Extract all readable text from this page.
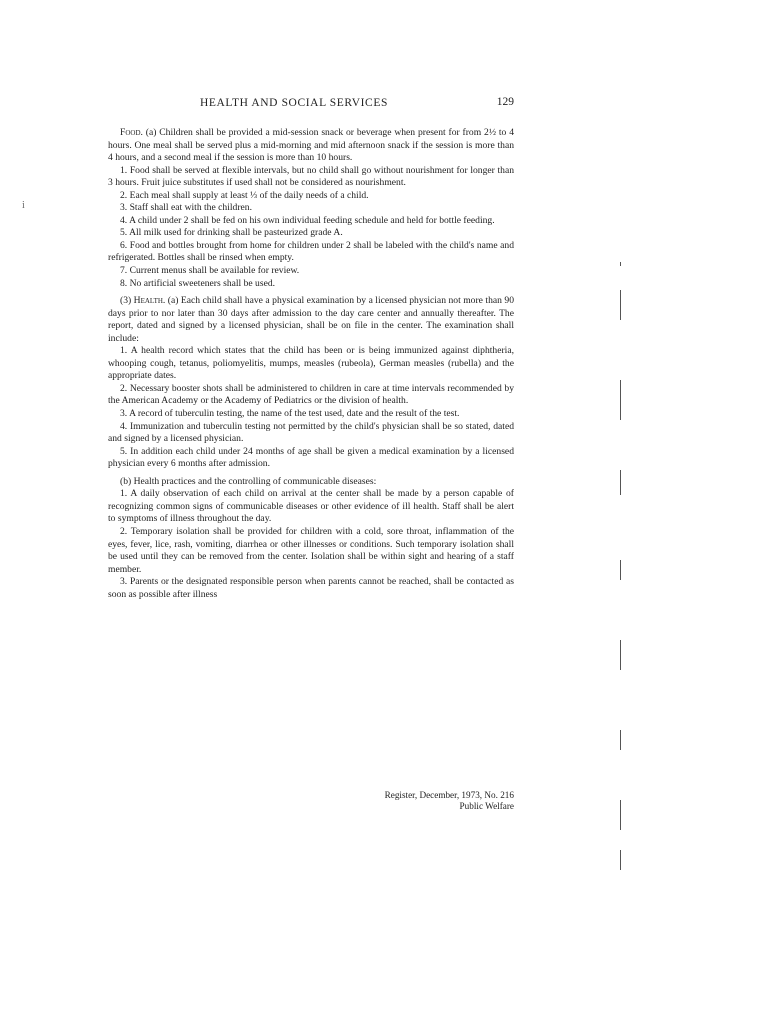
HEALTH AND SOCIAL SERVICES	129
i

Food. (a) Children shall be provided a mid-session snack or beverage when present for from 2½ to 4 hours. One meal shall be served plus a mid-morning and mid afternoon snack if the session is more than 4 hours, and a second meal if the session is more than 10 hours.

1. Food shall be served at flexible intervals, but no child shall go without nourishment for longer than 3 hours. Fruit juice substitutes if used shall not be considered as nourishment.

2. Each meal shall supply at least ⅓ of the daily needs of a child.

3. Staff shall eat with the children.

4. A child under 2 shall be fed on his own individual feeding schedule and held for bottle feeding.

5. All milk used for drinking shall be pasteurized grade A.

6. Food and bottles brought from home for children under 2 shall be labeled with the child's name and refrigerated. Bottles shall be rinsed when empty.

7. Current menus shall be available for review.

8. No artificial sweeteners shall be used.

(3) Health. (a) Each child shall have a physical examination by a licensed physician not more than 90 days prior to nor later than 30 days after admission to the day care center and annually thereafter. The report, dated and signed by a licensed physician, shall be on file in the center. The examination shall include:

1. A health record which states that the child has been or is being immunized against diphtheria, whooping cough, tetanus, poliomyelitis, mumps, measles (rubeola), German measles (rubella) and the appropriate dates.

2. Necessary booster shots shall be administered to children in care at time intervals recommended by the American Academy or the Academy of Pediatrics or the division of health.

3. A record of tuberculin testing, the name of the test used, date and the result of the test.

4. Immunization and tuberculin testing not permitted by the child's physician shall be so stated, dated and signed by a licensed physician.

5. In addition each child under 24 months of age shall be given a medical examination by a licensed physician every 6 months after admission.

(b) Health practices and the controlling of communicable diseases:

1. A daily observation of each child on arrival at the center shall be made by a person capable of recognizing common signs of communicable diseases or other evidence of ill health. Staff shall be alert to symptoms of illness throughout the day.

2. Temporary isolation shall be provided for children with a cold, sore throat, inflammation of the eyes, fever, lice, rash, vomiting, diarrhea or other illnesses or conditions. Such temporary isolation shall be used until they can be removed from the center. Isolation shall be within sight and hearing of a staff member.

3. Parents or the designated responsible person when parents cannot be reached, shall be contacted as soon as possible after illness

Register, December, 1973, No. 216
Public Welfare
